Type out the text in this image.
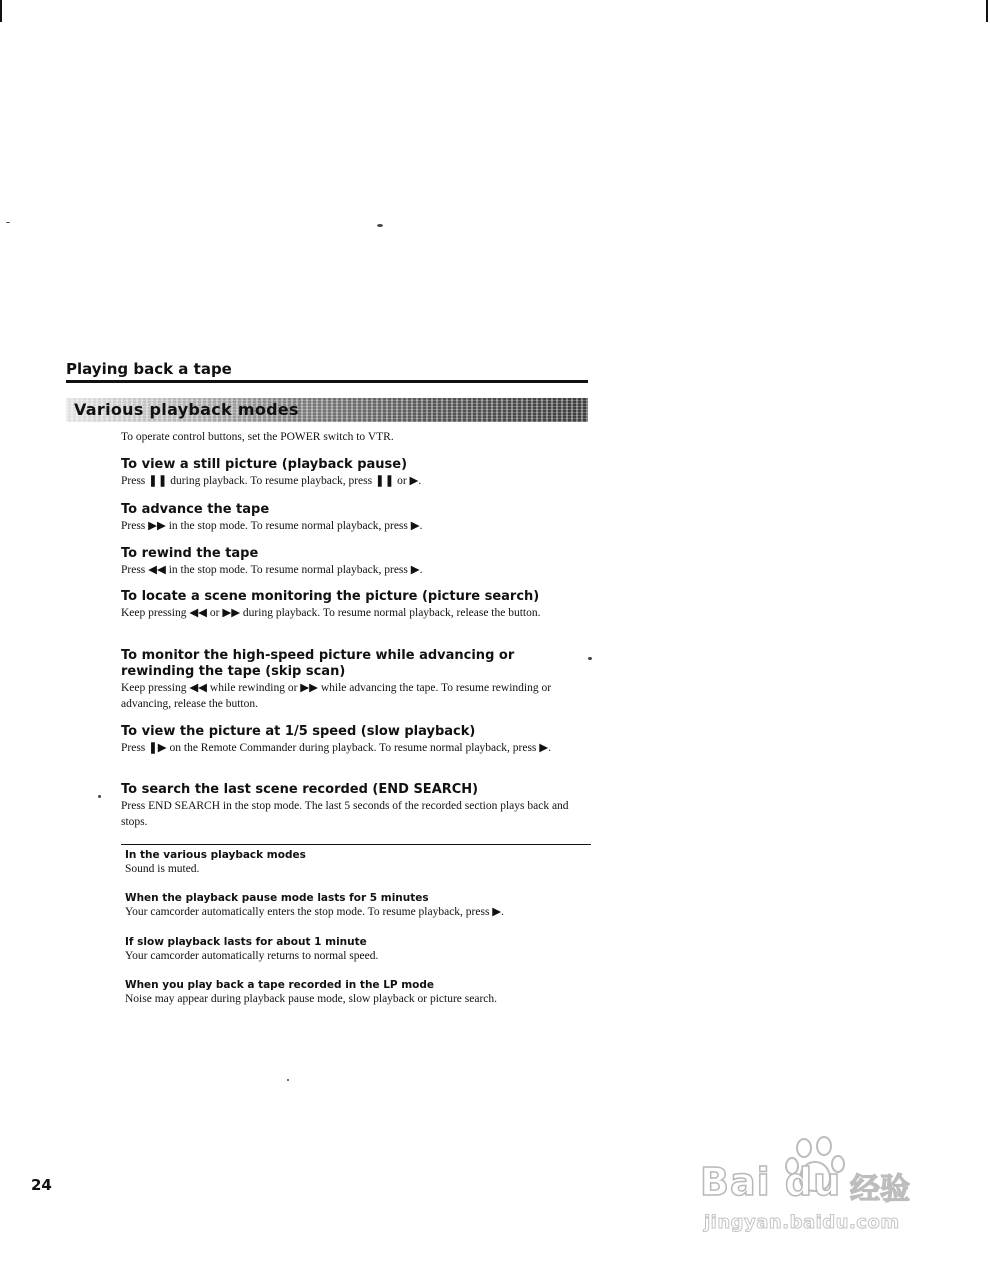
Playing back a tape
Various playback modes

To operate control buttons, set the POWER switch to VTR.

To view a still picture (playback pause)

Press ❚❚ during playback. To resume playback, press ❚❚ or ▶.

To advance the tape

Press ▶▶ in the stop mode. To resume normal playback, press ▶.

To rewind the tape

Press ◀◀ in the stop mode. To resume normal playback, press ▶.

To locate a scene monitoring the picture (picture search)

Keep pressing ◀◀ or ▶▶ during playback. To resume normal playback, release the button.

To monitor the high-speed picture while advancing or rewinding the tape (skip scan)

Keep pressing ◀◀ while rewinding or ▶▶ while advancing the tape. To resume rewinding or advancing, release the button.

To view the picture at 1/5 speed (slow playback)

Press ❚▶ on the Remote Commander during playback. To resume normal playback, press ▶.

To search the last scene recorded (END SEARCH)

Press END SEARCH in the stop mode. The last 5 seconds of the recorded section plays back and stops.

In the various playback modes

Sound is muted.

When the playback pause mode lasts for 5 minutes

Your camcorder automatically enters the stop mode. To resume playback, press ▶.

If slow playback lasts for about 1 minute

Your camcorder automatically returns to normal speed.

When you play back a tape recorded in the LP mode

Noise may appear during playback pause mode, slow playback or picture search.

24	Bai du 经验
jingyan.baidu.com
